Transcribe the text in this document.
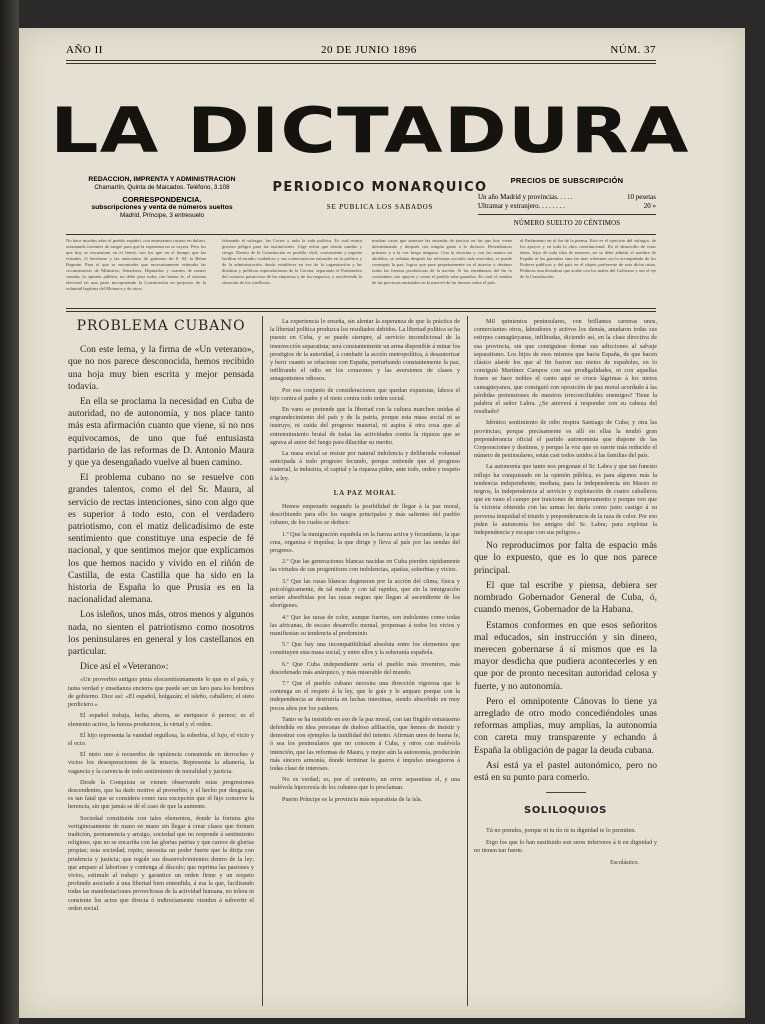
AÑO II	20 DE JUNIO 1896	NÚM. 37
LA DICTADURA
REDACCION, IMPRENTA Y ADMINISTRACION
Chamartín, Quinta de Maicados. Teléfono, 3.108
CORRESPONDENCIA.
subscripciones y venta de números sueltos
Madrid, Príncipe, 3 entresuelo
PERIODICO MONARQUICO
SE PUBLICA LOS SABADOS
PRECIOS DE SUBSCRIPCIÓN
Un año Madrid y provincias. . . . .	10 pesetas
Ultramar y extranjero. . . . . . . .	20 »
NÚMERO SUELTO 20 CÉNTIMOS
No hace muchos años el pueblo español, con entusiasmo rayano en delirio, aclamando torrentes de sangre para que la esperanza no se cayera. Pero los que hoy se encuentran en el frente, son los que en el tiempo que las virtudes, el heroísmo y las atenciones de gobierno de S. M. la Reina Regente. Para el que se encontraba que necesariamente estimaba las circunstancias de Ministros, Senadores, Diputados y cuantos de menor cuantía, la opinión pública, no debe para todos con buena fe, el sistema electoral en una parte incorporando la Constitución en perjuicio de la voluntad legítima del Monarca y de otros.
falseando el sufragio, las Cortes y toda la vida política. Es cual nunca grosero peligro para las instituciones. Urge evitar que tienda cambio y riesgo. Dentro de la Constitución es posible, fácil, conveniente y urgente facilitar el estudio cuidadoso y sus consecuencias naturales en la política y de la administración, desde establecer en vez de la organización y las distintas y políticas especulaciones de la Corona, separando el Parlamento del contacto pernicioso de las empresas y de los negocios, y resolviendo la situación de los conflictos.
muchas casas que autoriza las entradas de justicia en las que hoy viene determinando y después con ningún gasto a lo dichoso. Desembarcar primero y a la vez luego ninguno. Con la doctrina y con las manos no abolidos, se señalan después las reformas sociales más atrevidas, se puede conseguir la paz, lograr que pase perpetuamente en el interior y destinar todas las fuerzas productoras de la nación. Si las enseñanzas del fin lo consienten, sus apoyos y como el pueblo sabe ganarlos. Es cual el cambio de las preciosas amistades en la merced de las fuerzas sobre el país.
el Parlamento en el fin de la prensa. Esto es el ejercicio del sufragio, de los apoyos y en toda la obra constitucional. En el desarrollo de estas ideas, lejos de toda idea de temores, no se debe admitir el nombre de España ni las garantías sino las más solemnes sin la acompañada de los Poderes públicos y del país en el objeto preferente de esta dicha ruina. Pedimos una dictadura que acabe con los males del Gobierno y sea el eje de la Constitución.
PROBLEMA CUBANO

Con este lema, y la firma de «Un veterano», que no nos parece desconocida, hemos recibido una hoja muy bien escrita y mejor pensada todavía.

En ella se proclama la necesidad en Cuba de autoridad, no de autonomía, y nos place tanto más esta afirmación cuanto que viene, si no nos equivocamos, de uno que fué entusiasta partidario de las reformas de D. Antonio Maura y que ya desengañado vuelve al buen camino.

El problema cubano no se resuelve con grandes talentos, como el del Sr. Maura, al servicio de rectas intenciones, sino con algo que es superior á todo esto, con el verdadero patriotismo, con el matiz delicadísimo de este sentimiento que constituye una especie de fé nacional, y que sentimos mejor que explicamos los que hemos nacido y vivido en el riñón de Castilla, de esta Castilla que ha sido en la historia de España lo que Prusia es en la nacionalidad alemana.

Los isleños, unos más, otros menos y algunos nada, no sienten el patriotismo como nosotros los peninsulares en general y los castellanos en particular.

Dice así el «Veterano»:

«Un proverbio antiguo pinta elocuentísimamente lo que es el país, y tanta verdad y enseñanza encierra que puede ser un faro para los hombres de gobierno. Dice así: «El español, holgazán; el isleño, caballero; el sieto perdiciero.»

El español trabaja, lucha, ahorra, se enriquece ó perece; es el elemento activo, la fuerza productora, la virtud y el orden.

El hijo representa la vanidad orgullosa, la soberbia, el lujo, el vicio y el ocio.

El nieto une á recuerdos de opulencia consumida en derroches y vicios los desesperaciones de la miseria. Representa la altanería, la vagancia y la carencia de todo sentimiento de moralidad y justicia.

Desde la Conquista se vienen observando estas progresiones descendentes, que ha dado motivo al proverbio, y el hecho por desgracia, es tan fatal que se considera como rara excepción que el hijo conserve la herencia, sin que jamás se dé el caso de que la aumente.

Sociedad constituida con tales elementos, donde la fortuna gira vertiginosamente de mano en mano sin llegar á crear clases que formen tradición, permanencia y arraigo, sociedad que no responde á sentimiento religioso, que no se encariña con las glorias patrias y que carece de glorias propias; esta sociedad, repito, necesita un poder fuerte que la dirija con prudencia y justicia; que regule sus desenvolvimientos dentro de la ley; que ampare al laborioso y contenga al díscolo; que reprima las pasiones y vicios, estimule al trabajo y garantice un orden firme y un respeto profundo asociado á una libertad bien entendida, á esa la que, facilitando todas las manifestaciones provechosas de la actividad humana, no tolera ni consiente los actos que directa ó indirectamente vienden á subvertir el orden social.

La experiencia lo enseña, sin alentar la esperanza de que la práctica de la libertad política produzca los resultados debidos. La libertad política se ha puesto en Cuba, y se puede siempre, al servicio incondicional de la insurrección separatista; será constantemente un arma disponible á minar los prestigios de la autoridad, á combatir la acción metropolítica, á desautorizar y herir cuanto se relacione con España, perturbando constantemente la paz, infiltrando el odio en los corazones y las aversiones de clases y antagonismos odiosos.

Por ese conjunto de consideraciones que quedan expuestas, labora el hijo contra el padre y el nieto contra todo orden social.

En vano se pretende que la libertad con la cultura marchen unidas al engrandecimiento del país y de la patria, porque esta masa social ni se instruye, ni cuida del progreso material, ni aspira á otra cosa que al entretenimiento brutal de todas las actividades contra la riqueza que se agrava al amor del fuego para dilucidar su merito.

La masa social se resiste por natural indolencia y deliberada voluntad anticipada á todo progreso fecundo, porque entiende que el progreso material, la industria, el capital y la riqueza piden, ante todo, orden y respeto á la ley.

LA PAZ MORAL

Hemos empezado negando la posibilidad de llegar á la paz moral, describiendo para ello los rasgos principales y más salientes del pueblo cubano, de los cuales se deduce:

1.º Que la inmigración española en la fuerza activa y fecundante, la que crea, organiza é impulsa; la que dirige y lleva al país por las sendas del progreso.

2.º Que las generaciones blancas nacidas en Cuba pierden rápidamente las virtudes de sus progenitores con indolencias, apatías, soberbias y vicios.

3.º Que las razas blancas degeneran por la acción del clima, física y psicológicamente, de tal modo y con tal rapidez, que sin la inmigración serían absorbidas por las razas negras que llegan al ascendiente de los aborígenes.

4.º Que las razas de color, aunque fuertes, son indolentes como todas las africanas, de escaso desarrollo mental, propensas á todos los vicios y manifiestan su tendencia al predominio.

5.º Que hay una incompatibilidad absoluta entre los elementos que constituyen esta masa social, y entre ellos y la soberanía española.

6.º Que Cuba independiente sería el pueblo más inventivo, más desordenado más anárquico, y más miserable del mundo.

7.º Que el pueblo cubano necesita una dirección vigorosa que le contenga en el respeto á la ley, que le guíe y le ampare porque con la independencia se destruiría en luchas intestinas, siendo absorbido en muy pocos años por los yankees.

Tanto se ha insistido en eso de la paz moral, con tan fingido entusiasmo defendida en idea personas de dudoso afiliación, que hemos de insistir y demostrar con ejemplos la inutilidad del intento. Afirman unos de buena fe, ó sea los peninsulares que no conocen á Cuba, y otros con malévola intención, que las reformas de Maura, y mejor aún la autonomía, producirán más sincero armonía, donde terminar la guerra é impulso unsognoros á todas clase de intereses.

No es verdad; es, por el contrario, un error separatista el, y una malévola hipocresía de los cubanos que lo proclaman.

Puerto Príncipe es la provincia más separatista de la isla.

Mil quinientos peninsulares, con brillantes carreras unos, comerciantes otros, labradores y activos los demás, anudaron todas sus estirpes camagüeyanas, infiltradas, diciendo así, en la clase directiva de esa provincia, sin que consiguiese domar sus adicciones al salvaje separatismo. Los hijos de esos mismos que hacia España, de que hacen clásico alarde los que al fin fueron sus nietos de españoles, en lo consiguió Martínez Campos con sus prodigalidades, ni con aquellas frases se hace nobles el canto aquí se cruce lágrimas á los nietos camagüeyanos, que consiguió con oposición de paz moral acordado á las pérdidas pretensiones de nuestros irreconciliables enemigos? Tiene la palabra el señor Labra. ¿Se atreverá á responder con su cabeza del resultado?

Idéntico sentimiento de odio respira Santiago de Cuba; y otra las provincias; porque precisamente es allí en ellas la tendió gran preponderancia oficial el partido autonomista que dispone de las Corporaciones y destinos, y porque la voz que es suerte más reducido el número de peninsulares, están casi todos unidos á las familias del país.

La autonomía que tanto nos pregonan el Sr. Labra y que tan funesto influjo ha conquistado en la opinión pública, es para algunos más la tendencia independiente, mediata, para la independencia sin Maceo ni negros, la independencia al servicio y explotación de cuatro caballeros que en vano el campo por traiciones de temperamento y porque veo que la victoria obtenida con las armas les daría como justo castigo á su perversa iniquidad el triunfo y preponderancia de la raza de color. Por eso piden la autonomía los amigos del Sr. Labra; para explotar la independencia y escapar con sus peligros.»

No reproducimos por falta de espacio más que lo expuesto, que es lo que nos parece principal.

El que tal escribe y piensa, debiera ser nombrado Gobernador General de Cuba, ó, cuando menos, Gobernador de la Habana.

Estamos conformes en que esos señoritos mal educados, sin instrucción y sin dinero, merecen gobernarse á sí mismos que es la mayor desdicha que pudiera acontecerles y en que por de pronto necesitan autoridad celosa y fuerte, y no autonomía.

Pero el omnipotente Cánovas lo tiene ya arreglado de otro modo concediéndoles unas reformas amplias, muy amplias, la autonomía con careta muy transparente y echando á España la obligación de pagar la deuda cubana.

Así está ya el pastel autonómico, pero no está en su punto para comerlo.

SOLILOQUIOS

Tú no prendes, porque ni tu tío ni tu dignidad te lo permiten.

Ergo los que lo han sustituido son seres inferiores á ti en dignidad y no tienen tan fuerte.

Escolástico.
